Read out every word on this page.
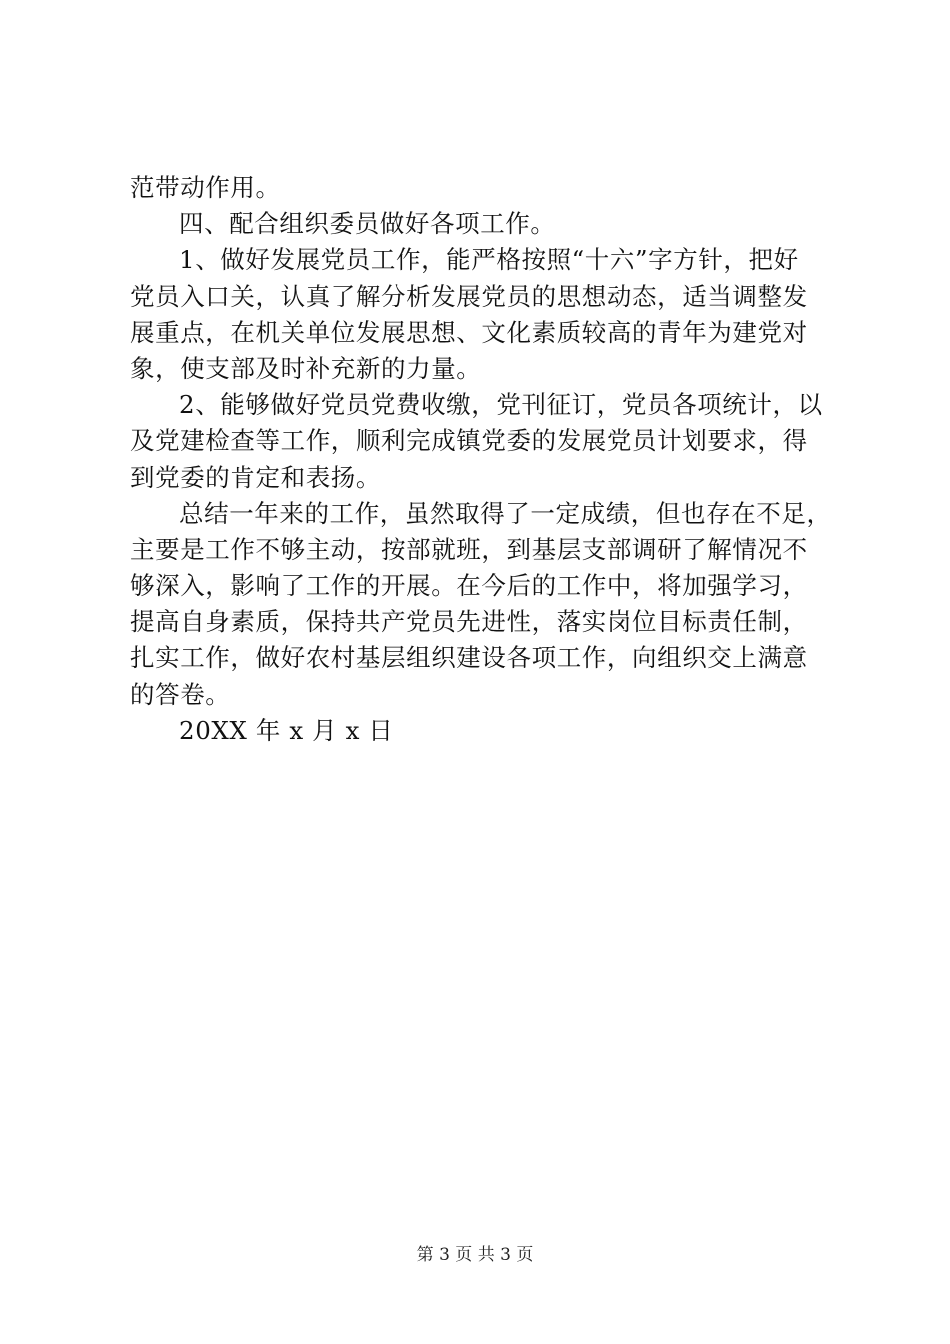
范带动作用。
四、配合组织委员做好各项工作。
1、做好发展党员工作，能严格按照“十六”字方针，把好
党员入口关，认真了解分析发展党员的思想动态，适当调整发
展重点，在机关单位发展思想、文化素质较高的青年为建党对
象，使支部及时补充新的力量。
2、能够做好党员党费收缴，党刊征订，党员各项统计，以
及党建检查等工作，顺利完成镇党委的发展党员计划要求，得
到党委的肯定和表扬。
总结一年来的工作，虽然取得了一定成绩，但也存在不足，
主要是工作不够主动，按部就班，到基层支部调研了解情况不
够深入，影响了工作的开展。在今后的工作中，将加强学习，
提高自身素质，保持共产党员先进性，落实岗位目标责任制，
扎实工作，做好农村基层组织建设各项工作，向组织交上满意
的答卷。
20XX 年 x 月 x 日
第 3 页 共 3 页
